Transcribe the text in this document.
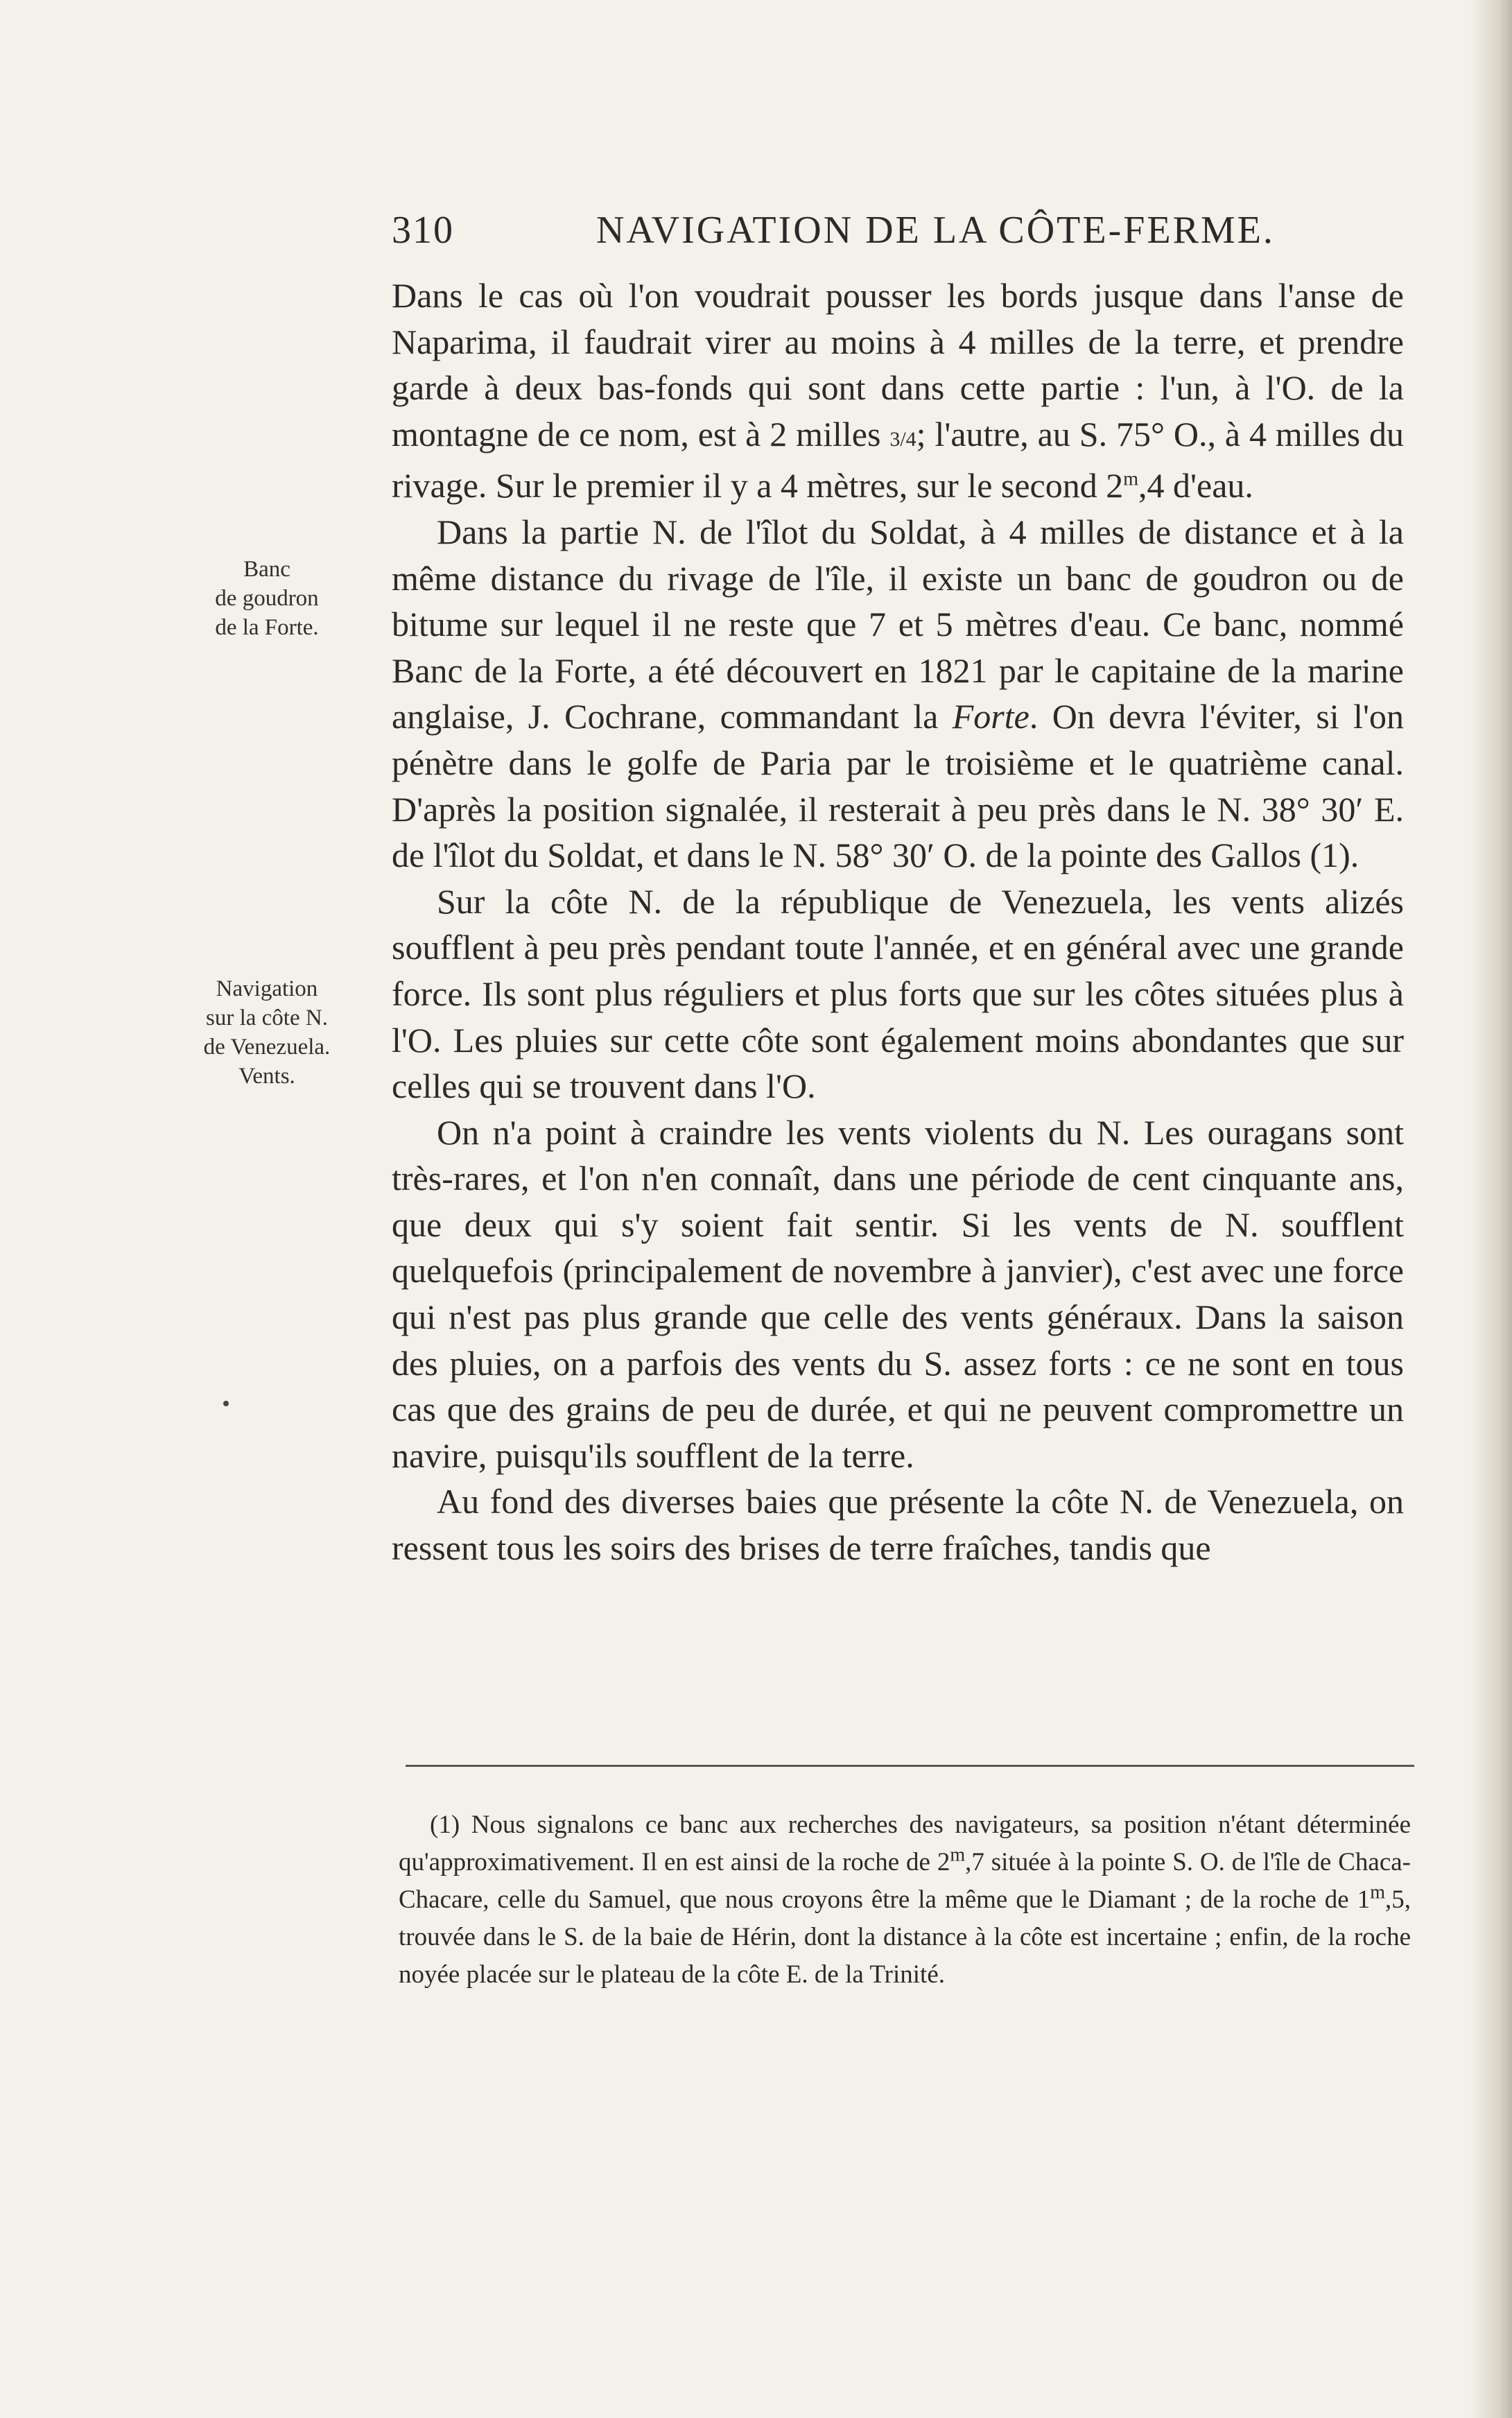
310	NAVIGATION DE LA CÔTE-FERME.
Banc
de goudron
de la Forte.
Navigation
sur la côte N.
de Venezuela.
Vents.

Dans le cas où l'on voudrait pousser les bords jusque dans l'anse de Naparima, il faudrait virer au moins à 4 milles de la terre, et prendre garde à deux bas-fonds qui sont dans cette partie : l'un, à l'O. de la montagne de ce nom, est à 2 milles 3/4; l'autre, au S. 75° O., à 4 milles du rivage. Sur le premier il y a 4 mètres, sur le second 2$^m$,4 d'eau.

Dans la partie N. de l'îlot du Soldat, à 4 milles de distance et à la même distance du rivage de l'île, il existe un banc de goudron ou de bitume sur lequel il ne reste que 7 et 5 mètres d'eau. Ce banc, nommé Banc de la Forte, a été découvert en 1821 par le capitaine de la marine anglaise, J. Cochrane, commandant la Forte. On devra l'éviter, si l'on pénètre dans le golfe de Paria par le troisième et le quatrième canal. D'après la position signalée, il resterait à peu près dans le N. 38° 30′ E. de l'îlot du Soldat, et dans le N. 58° 30′ O. de la pointe des Gallos (1).

Sur la côte N. de la république de Venezuela, les vents alizés soufflent à peu près pendant toute l'année, et en général avec une grande force. Ils sont plus réguliers et plus forts que sur les côtes situées plus à l'O. Les pluies sur cette côte sont également moins abondantes que sur celles qui se trouvent dans l'O.

On n'a point à craindre les vents violents du N. Les ouragans sont très-rares, et l'on n'en connaît, dans une période de cent cinquante ans, que deux qui s'y soient fait sentir. Si les vents de N. soufflent quelquefois (principalement de novembre à janvier), c'est avec une force qui n'est pas plus grande que celle des vents généraux. Dans la saison des pluies, on a parfois des vents du S. assez forts : ce ne sont en tous cas que des grains de peu de durée, et qui ne peuvent compromettre un navire, puisqu'ils soufflent de la terre.

Au fond des diverses baies que présente la côte N. de Venezuela, on ressent tous les soirs des brises de terre fraîches, tandis que

(1) Nous signalons ce banc aux recherches des navigateurs, sa position n'étant déterminée qu'approximativement. Il en est ainsi de la roche de 2$^m$,7 située à la pointe S. O. de l'île de Chaca-Chacare, celle du Samuel, que nous croyons être la même que le Diamant ; de la roche de 1$^m$,5, trouvée dans le S. de la baie de Hérin, dont la distance à la côte est incertaine ; enfin, de la roche noyée placée sur le plateau de la côte E. de la Trinité.
